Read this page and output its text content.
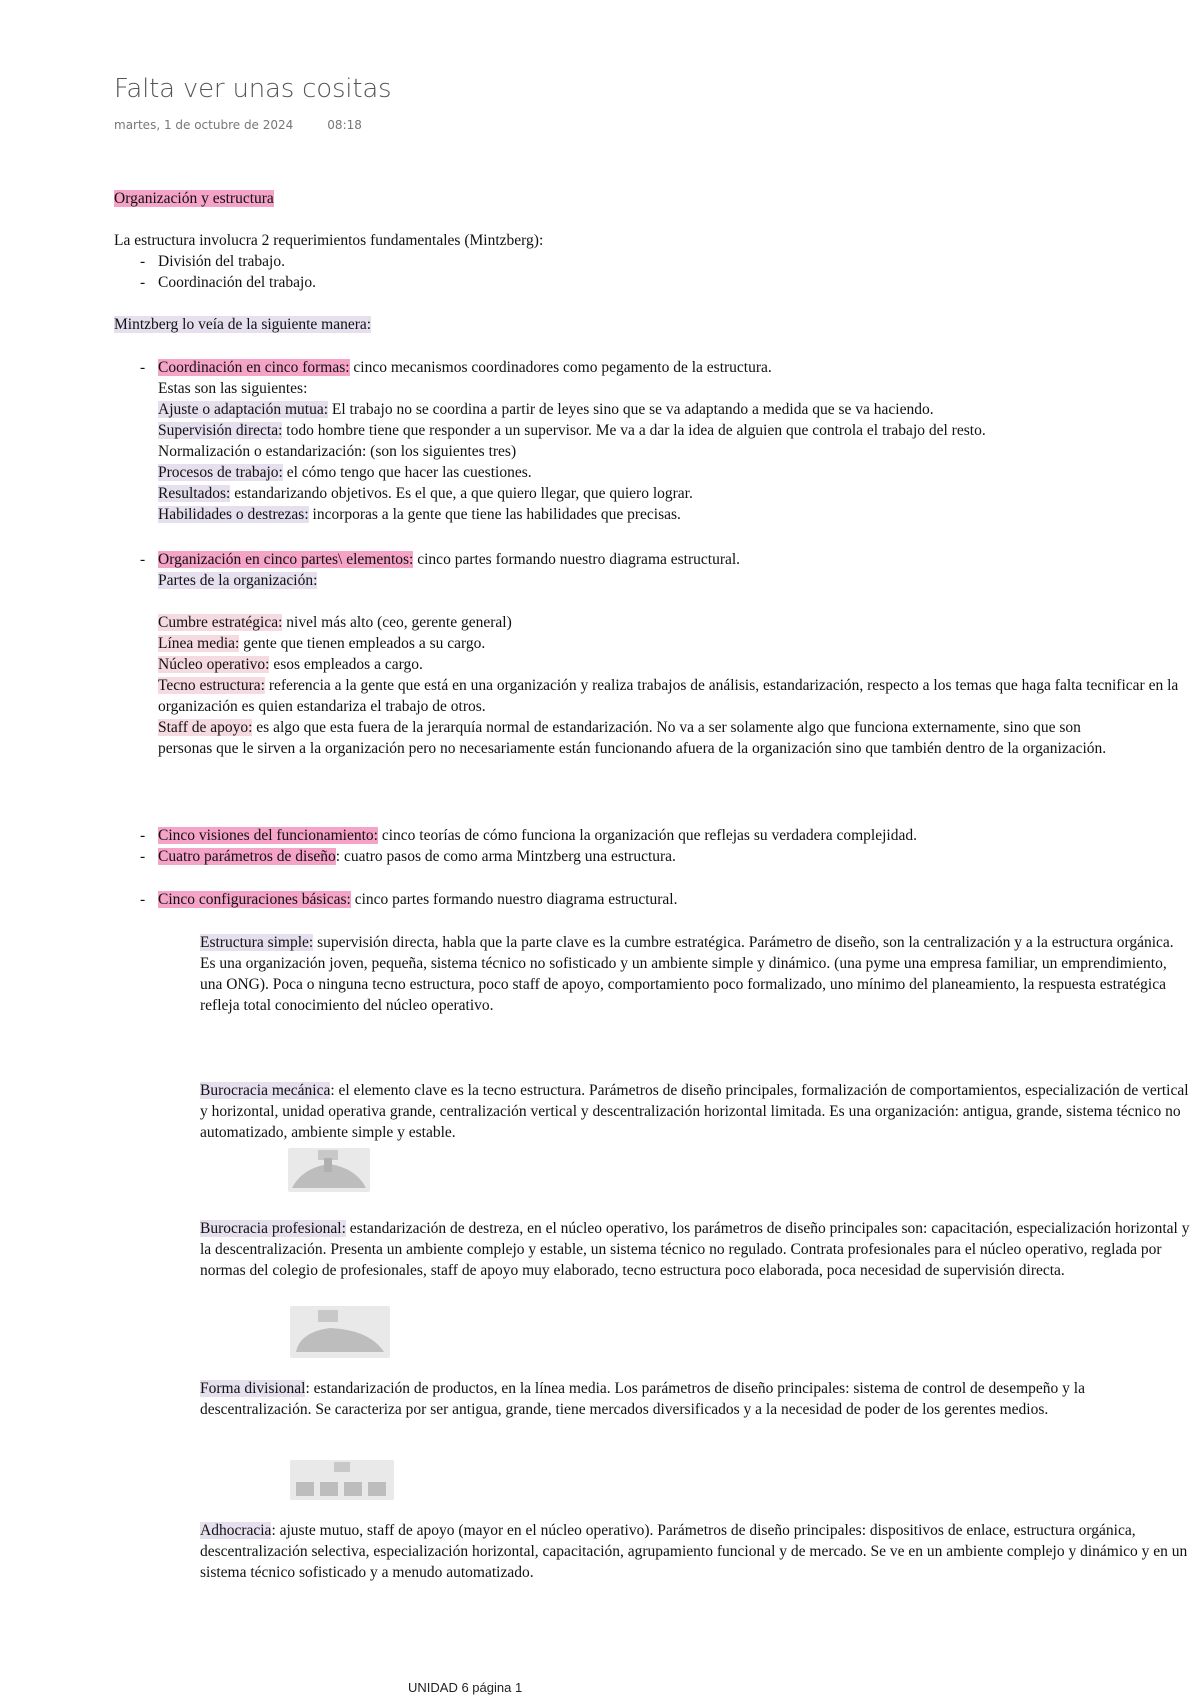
Falta ver unas cositas
martes, 1 de octubre de 2024	08:18
Organización y estructura
La estructura involucra 2 requerimientos fundamentales (Mintzberg):
- División del trabajo.
- Coordinación del trabajo.
Mintzberg lo veía de la siguiente manera:
- Coordinación en cinco formas: cinco mecanismos coordinadores como pegamento de la estructura.
Estas son las siguientes:
Ajuste o adaptación mutua: El trabajo no se coordina a partir de leyes sino que se va adaptando a medida que se va haciendo.
Supervisión directa: todo hombre tiene que responder a un supervisor. Me va a dar la idea de alguien que controla el trabajo del resto.
Normalización o estandarización: (son los siguientes tres)
Procesos de trabajo: el cómo tengo que hacer las cuestiones.
Resultados: estandarizando objetivos. Es el que, a que quiero llegar, que quiero lograr.
Habilidades o destrezas: incorporas a la gente que tiene las habilidades que precisas.
- Organización en cinco partes\ elementos: cinco partes formando nuestro diagrama estructural.
Partes de la organización:
Cumbre estratégica: nivel más alto (ceo, gerente general)
Línea media: gente que tienen empleados a su cargo.
Núcleo operativo: esos empleados a cargo.
Tecno estructura: referencia a la gente que está en una organización y realiza trabajos de análisis, estandarización, respecto a los temas que haga falta tecnificar en la organización es quien estandariza el trabajo de otros.
Staff de apoyo: es algo que esta fuera de la jerarquía normal de estandarización. No va a ser solamente algo que funciona externamente, sino que son personas que le sirven a la organización pero no necesariamente están funcionando afuera de la organización sino que también dentro de la organización.
- Cinco visiones del funcionamiento: cinco teorías de cómo funciona la organización que reflejas su verdadera complejidad.
- Cuatro parámetros de diseño: cuatro pasos de como arma Mintzberg una estructura.
- Cinco configuraciones básicas: cinco partes formando nuestro diagrama estructural.
Estructura simple: supervisión directa, habla que la parte clave es la cumbre estratégica. Parámetro de diseño, son la centralización y a la estructura orgánica. Es una organización joven, pequeña, sistema técnico no sofisticado y un ambiente simple y dinámico. (una pyme una empresa familiar, un emprendimiento, una ONG). Poca o ninguna tecno estructura, poco staff de apoyo, comportamiento poco formalizado, uno mínimo del planeamiento, la respuesta estratégica refleja total conocimiento del núcleo operativo.
Burocracia mecánica: el elemento clave es la tecno estructura. Parámetros de diseño principales, formalización de comportamientos, especialización de vertical y horizontal, unidad operativa grande, centralización vertical y descentralización horizontal limitada. Es una organización: antigua, grande, sistema técnico no automatizado, ambiente simple y estable.
Burocracia profesional: estandarización de destreza, en el núcleo operativo, los parámetros de diseño principales son: capacitación, especialización horizontal y la descentralización. Presenta un ambiente complejo y estable, un sistema técnico no regulado. Contrata profesionales para el núcleo operativo, reglada por normas del colegio de profesionales, staff de apoyo muy elaborado, tecno estructura poco elaborada, poca necesidad de supervisión directa.
Forma divisional: estandarización de productos, en la línea media. Los parámetros de diseño principales: sistema de control de desempeño y la descentralización. Se caracteriza por ser antigua, grande, tiene mercados diversificados y a la necesidad de poder de los gerentes medios.
Adhocracia: ajuste mutuo, staff de apoyo (mayor en el núcleo operativo). Parámetros de diseño principales: dispositivos de enlace, estructura orgánica, descentralización selectiva, especialización horizontal, capacitación, agrupamiento funcional y de mercado. Se ve en un ambiente complejo y dinámico y en un sistema técnico sofisticado y a menudo automatizado.
UNIDAD 6 página 1
